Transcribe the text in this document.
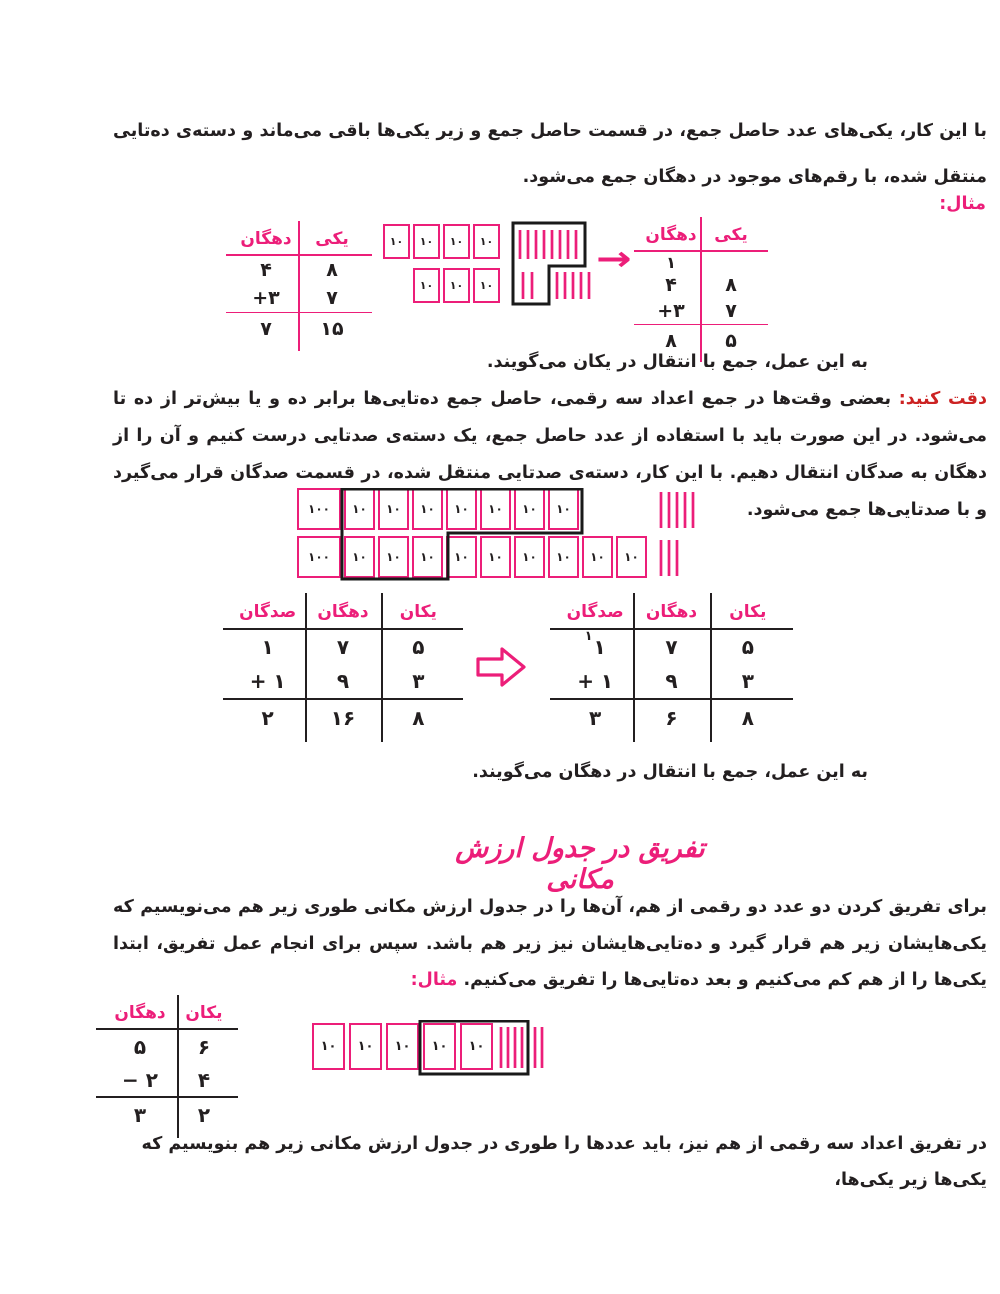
با این کار، یکی‌های عدد حاصل جمع، در قسمت حاصل جمع و زیر یکی‌ها باقی می‌ماند و دسته‌ی ده‌تایی منتقل شده، با رقم‌های موجود در دهگان جمع می‌شود.

مثال:
دهگان	یکی
۴	۸
+۳	۷
۷	۱۵
۱۰ ۱۰ ۱۰ ۱۰
۱۰ ۱۰ ۱۰
→
دهگان	یکی
۱
۴	۸
+۳	۷
۸	۵
به این عمل، جمع با انتقال در یکان می‌گویند.

دقت کنید: بعضی وقت‌ها در جمع اعداد سه رقمی، حاصل جمع ده‌تایی‌ها برابر ده و یا بیش‌تر از ده تا می‌شود. در این صورت باید با استفاده از عدد حاصل جمع، یک دسته‌ی صدتایی درست کنیم و آن را از دهگان به صدگان انتقال دهیم. با این کار، دسته‌ی صدتایی منتقل شده، در قسمت صدگان قرار می‌گیرد و با صدتایی‌ها جمع می‌شود.

۱۰۰ ۱۰ ۱۰ ۱۰ ۱۰ ۱۰ ۱۰ ۱۰
۱۰۰ ۱۰ ۱۰ ۱۰ ۱۰ ۱۰ ۱۰ ۱۰ ۱۰ ۱۰
صدگان	دهگان	یکان
۱	۷	۵
+ ۱	۹	۳
۲	۱۶	۸
صدگان	دهگان	یکان
$^۱$۱	۷	۵
+ ۱	۹	۳
۳	۶	۸
به این عمل، جمع با انتقال در دهگان می‌گویند.
تفریق در جدول ارزش مکانی

برای تفریق کردن دو عدد دو رقمی از هم، آن‌ها را در جدول ارزش مکانی طوری زیر هم می‌نویسیم که یکی‌هایشان زیر هم قرار گیرد و ده‌تایی‌هایشان نیز زیر هم باشد. سپس برای انجام عمل تفریق، ابتدا یکی‌ها را از هم کم می‌کنیم و بعد ده‌تایی‌ها را تفریق می‌کنیم. مثال:

دهگان	یکان
۵	۶
− ۲	۴
۳	۲
۱۰ ۱۰ ۱۰ ۱۰ ۱۰

در تفریق اعداد سه رقمی از هم نیز، باید عددها را طوری در جدول ارزش مکانی زیر هم بنویسیم که یکی‌ها زیر یکی‌ها،
